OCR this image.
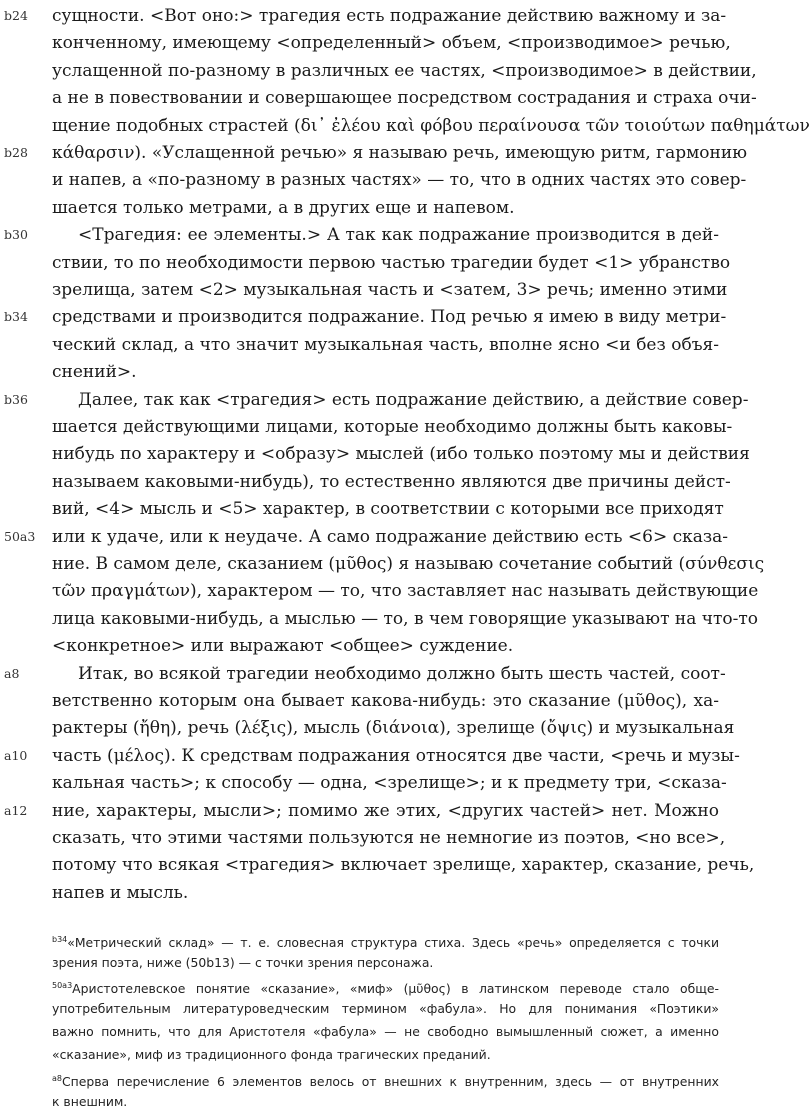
сущности. <Вот оно:> трагедия есть подражание действию важному и за-
b24
конченному, имеющему <определенный> объем, <производимое> речью,
услащенной по-разному в различных ее частях, <производимое> в действии,
а не в повествовании и совершающее посредством сострадания и страха очи-
щение подобных страстей (δι᾽ ἐλέου καὶ φόβου περαίνουσα τῶν τοιούτων παθημάτων
κάθαρσιν). «Услащенной речью» я называю речь, имеющую ритм, гармонию
b28
и напев, а «по-разному в разных частях» — то, что в одних частях это совер-
шается только метрами, а в других еще и напевом.
<Трагедия: ее элементы.> А так как подражание производится в дей-
b30
ствии, то по необходимости первою частью трагедии будет <1> убранство
зрелища, затем <2> музыкальная часть и <затем, 3> речь; именно этими
средствами и производится подражание. Под речью я имею в виду метри-
b34
ческий склад, а что значит музыкальная часть, вполне ясно <и без объя-
снений>.
Далее, так как <трагедия> есть подражание действию, а действие совер-
b36
шается действующими лицами, которые необходимо должны быть каковы-
нибудь по характеру и <образу> мыслей (ибо только поэтому мы и действия
называем каковыми-нибудь), то естественно являются две причины дейст-
вий, <4> мысль и <5> характер, в соответствии с которыми все приходят
или к удаче, или к неудаче. А само подражание действию есть <6> сказа-
50a3
ние. В самом деле, сказанием (μῦθος) я называю сочетание событий (σύνθεσις
τῶν πραγμάτων), характером — то, что заставляет нас называть действующие
лица каковыми-нибудь, а мыслью — то, в чем говорящие указывают на что-то
<конкретное> или выражают <общее> суждение.
Итак, во всякой трагедии необходимо должно быть шесть частей, соот-
a8
ветственно которым она бывает какова-нибудь: это сказание (μῦθος), ха-
рактеры (ἤθη), речь (λέξις), мысль (διάνοια), зрелище (ὄψις) и музыкальная
часть (μέλος). К средствам подражания относятся две части, <речь и музы-
a10
кальная часть>; к способу — одна, <зрелище>; и к предмету три, <сказа-
ние, характеры, мысли>; помимо же этих, <других частей> нет. Можно
a12
сказать, что этими частями пользуются не немногие из поэтов, <но все>,
потому что всякая <трагедия> включает зрелище, характер, сказание, речь,
напев и мысль.
$^{b34}$«Метрический склад» — т. е. словесная структура стиха. Здесь «речь» определяется с точки
зрения поэта, ниже (50b13) — с точки зрения персонажа.
$^{50a3}$Аристотелевское понятие «сказание», «миф» (μῦθος) в латинском переводе стало обще-
употребительным литературоведческим термином «фабула». Но для понимания «Поэтики»
важно помнить, что для Аристотеля «фабула» — не свободно вымышленный сюжет, а именно
«сказание», миф из традиционного фонда трагических преданий.
$^{a8}$Сперва перечисление 6 элементов велось от внешних к внутренним, здесь — от внутренних
к внешним.
